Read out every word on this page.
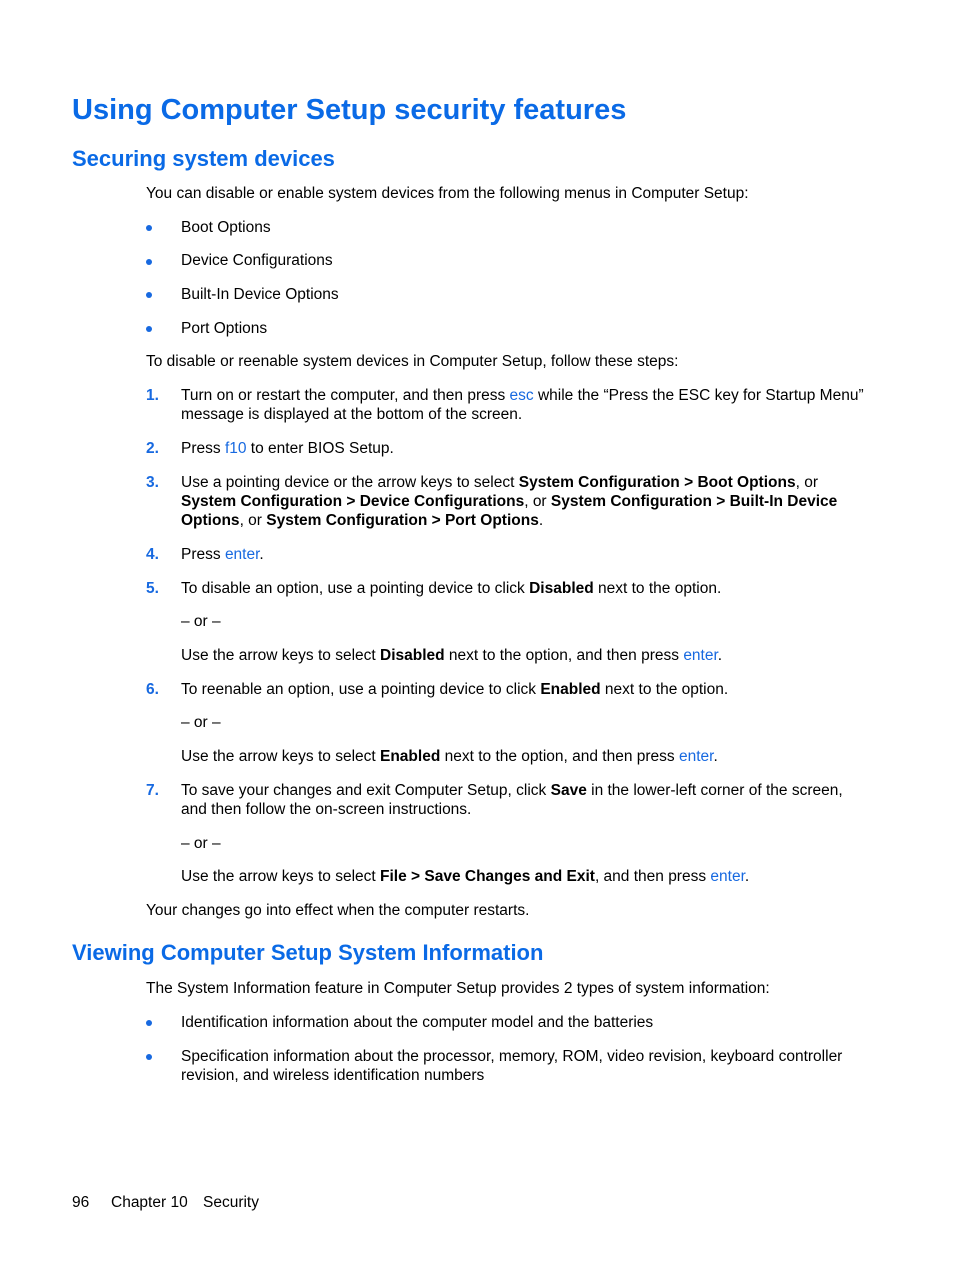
Using Computer Setup security features
Securing system devices
You can disable or enable system devices from the following menus in Computer Setup:
Boot Options
Device Configurations
Built-In Device Options
Port Options
To disable or reenable system devices in Computer Setup, follow these steps:
1. Turn on or restart the computer, and then press esc while the “Press the ESC key for Startup Menu”
message is displayed at the bottom of the screen.
2. Press f10 to enter BIOS Setup.
3. Use a pointing device or the arrow keys to select System Configuration > Boot Options, or
System Configuration > Device Configurations, or System Configuration > Built-In Device
Options, or System Configuration > Port Options.
4. Press enter.
5. To disable an option, use a pointing device to click Disabled next to the option.
– or –
Use the arrow keys to select Disabled next to the option, and then press enter.
6. To reenable an option, use a pointing device to click Enabled next to the option.
– or –
Use the arrow keys to select Enabled next to the option, and then press enter.
7. To save your changes and exit Computer Setup, click Save in the lower-left corner of the screen,
and then follow the on-screen instructions.
– or –
Use the arrow keys to select File > Save Changes and Exit, and then press enter.
Your changes go into effect when the computer restarts.
Viewing Computer Setup System Information
The System Information feature in Computer Setup provides 2 types of system information:
Identification information about the computer model and the batteries
Specification information about the processor, memory, ROM, video revision, keyboard controller
revision, and wireless identification numbers
96 Chapter 10 Security
